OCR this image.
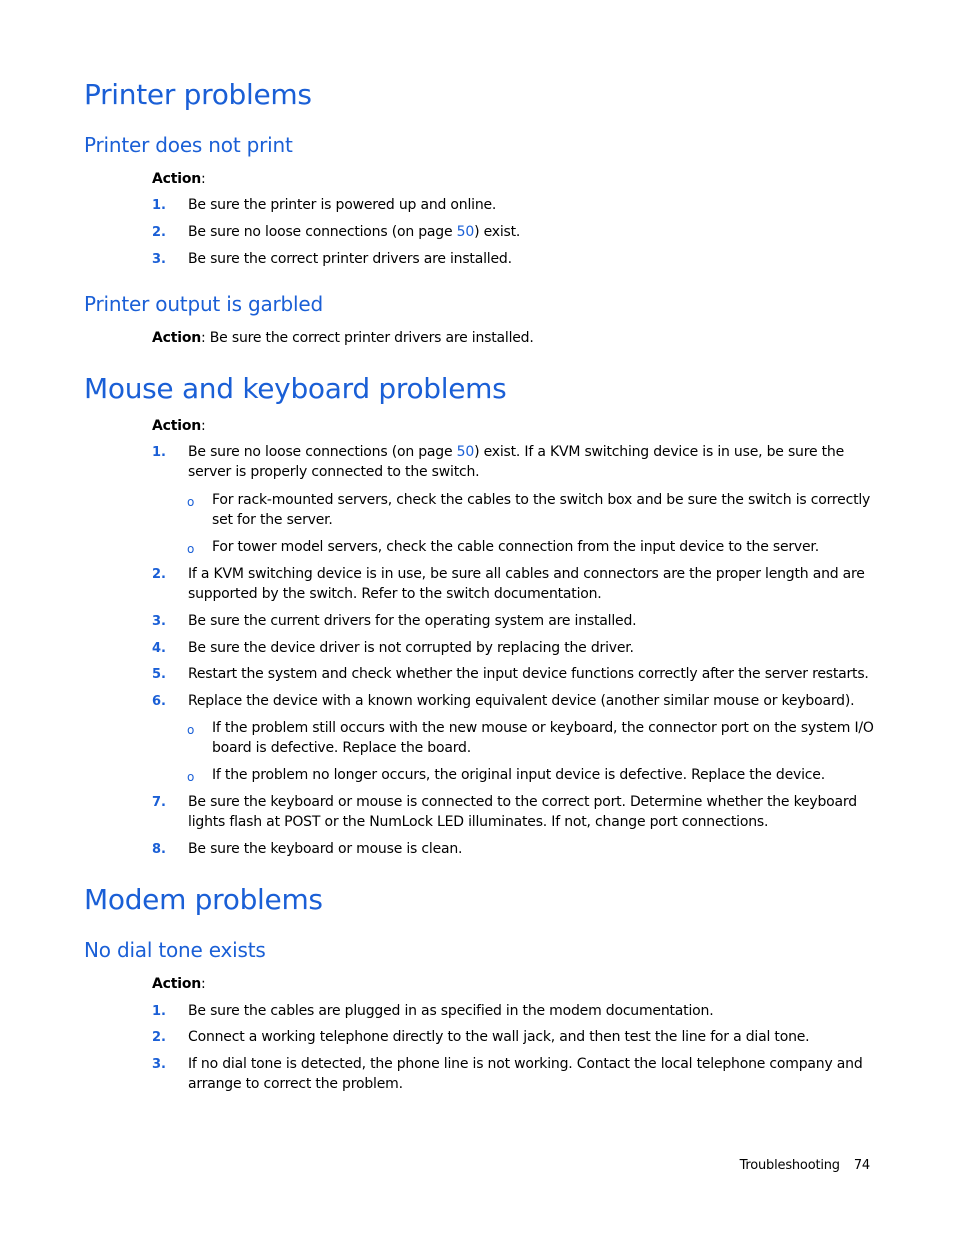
Printer problems
Printer does not print
Action:
1. Be sure the printer is powered up and online.
2. Be sure no loose connections (on page 50) exist.
3. Be sure the correct printer drivers are installed.
Printer output is garbled
Action: Be sure the correct printer drivers are installed.
Mouse and keyboard problems
Action:
1. Be sure no loose connections (on page 50) exist. If a KVM switching device is in use, be sure the server is properly connected to the switch.
o For rack-mounted servers, check the cables to the switch box and be sure the switch is correctly set for the server.
o For tower model servers, check the cable connection from the input device to the server.
2. If a KVM switching device is in use, be sure all cables and connectors are the proper length and are supported by the switch. Refer to the switch documentation.
3. Be sure the current drivers for the operating system are installed.
4. Be sure the device driver is not corrupted by replacing the driver.
5. Restart the system and check whether the input device functions correctly after the server restarts.
6. Replace the device with a known working equivalent device (another similar mouse or keyboard).
o If the problem still occurs with the new mouse or keyboard, the connector port on the system I/O board is defective. Replace the board.
o If the problem no longer occurs, the original input device is defective. Replace the device.
7. Be sure the keyboard or mouse is connected to the correct port. Determine whether the keyboard lights flash at POST or the NumLock LED illuminates. If not, change port connections.
8. Be sure the keyboard or mouse is clean.
Modem problems
No dial tone exists
Action:
1. Be sure the cables are plugged in as specified in the modem documentation.
2. Connect a working telephone directly to the wall jack, and then test the line for a dial tone.
3. If no dial tone is detected, the phone line is not working. Contact the local telephone company and arrange to correct the problem.
Troubleshooting 74
